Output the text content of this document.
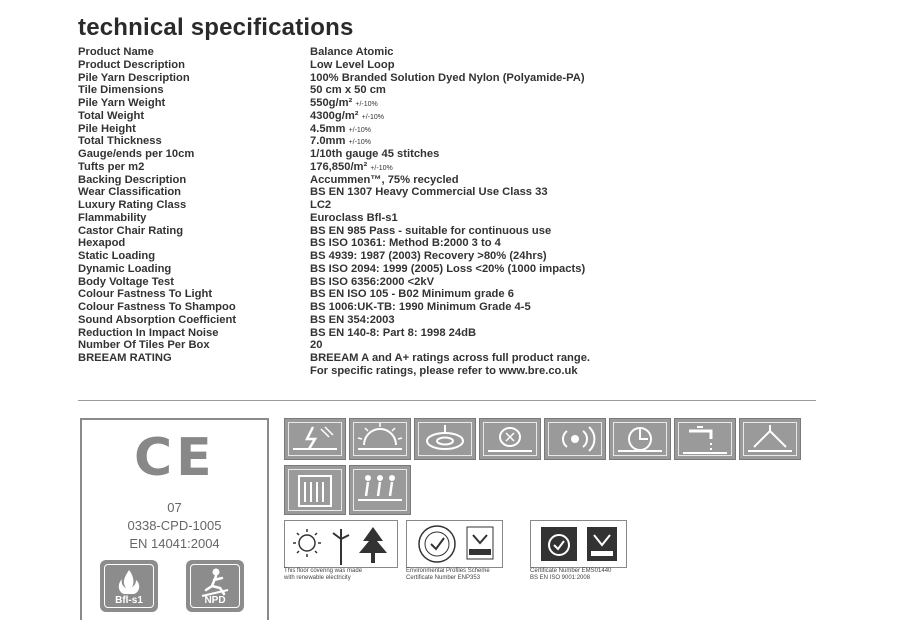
technical specifications
Product Name	Balance Atomic
Product Description	Low Level Loop
Pile Yarn Description	100% Branded Solution Dyed Nylon (Polyamide-PA)
Tile Dimensions	50 cm x 50 cm
Pile Yarn Weight	550g/m² +/-10%
Total Weight	4300g/m² +/-10%
Pile Height	4.5mm +/-10%
Total Thickness	7.0mm +/-10%
Gauge/ends per 10cm	1/10th gauge 45 stitches
Tufts per m2	176,850/m² +/-10%
Backing Description	Accummen™, 75% recycled
Wear Classification	BS EN 1307 Heavy Commercial Use Class 33
Luxury Rating Class	LC2
Flammability	Euroclass Bfl-s1
Castor Chair Rating	BS EN 985 Pass - suitable for continuous use
Hexapod	BS ISO 10361: Method B:2000 3 to 4
Static Loading	BS 4939: 1987 (2003) Recovery >80% (24hrs)
Dynamic Loading	BS ISO 2094: 1999 (2005) Loss <20% (1000 impacts)
Body Voltage Test	BS ISO 6356:2000 <2kV
Colour Fastness To Light	BS EN ISO 105 - B02 Minimum grade 6
Colour Fastness To Shampoo	BS 1006:UK-TB: 1990 Minimum Grade 4-5
Sound Absorption Coefficient	BS EN 354:2003
Reduction In Impact Noise	BS EN 140-8: Part 8: 1998 24dB
Number Of Tiles Per Box	20
BREEAM RATING	BREEAM A and A+ ratings across full product range.
For specific ratings, please refer to www.bre.co.uk
CE
07
0338-CPD-1005
EN 14041:2004
Bfl-s1	NPD
This floor covering was made
with renewable electricity
Environmental Profiles Scheme
Certificate Number ENP353
Certificate Number EMS01440
BS EN ISO 9001:2008
